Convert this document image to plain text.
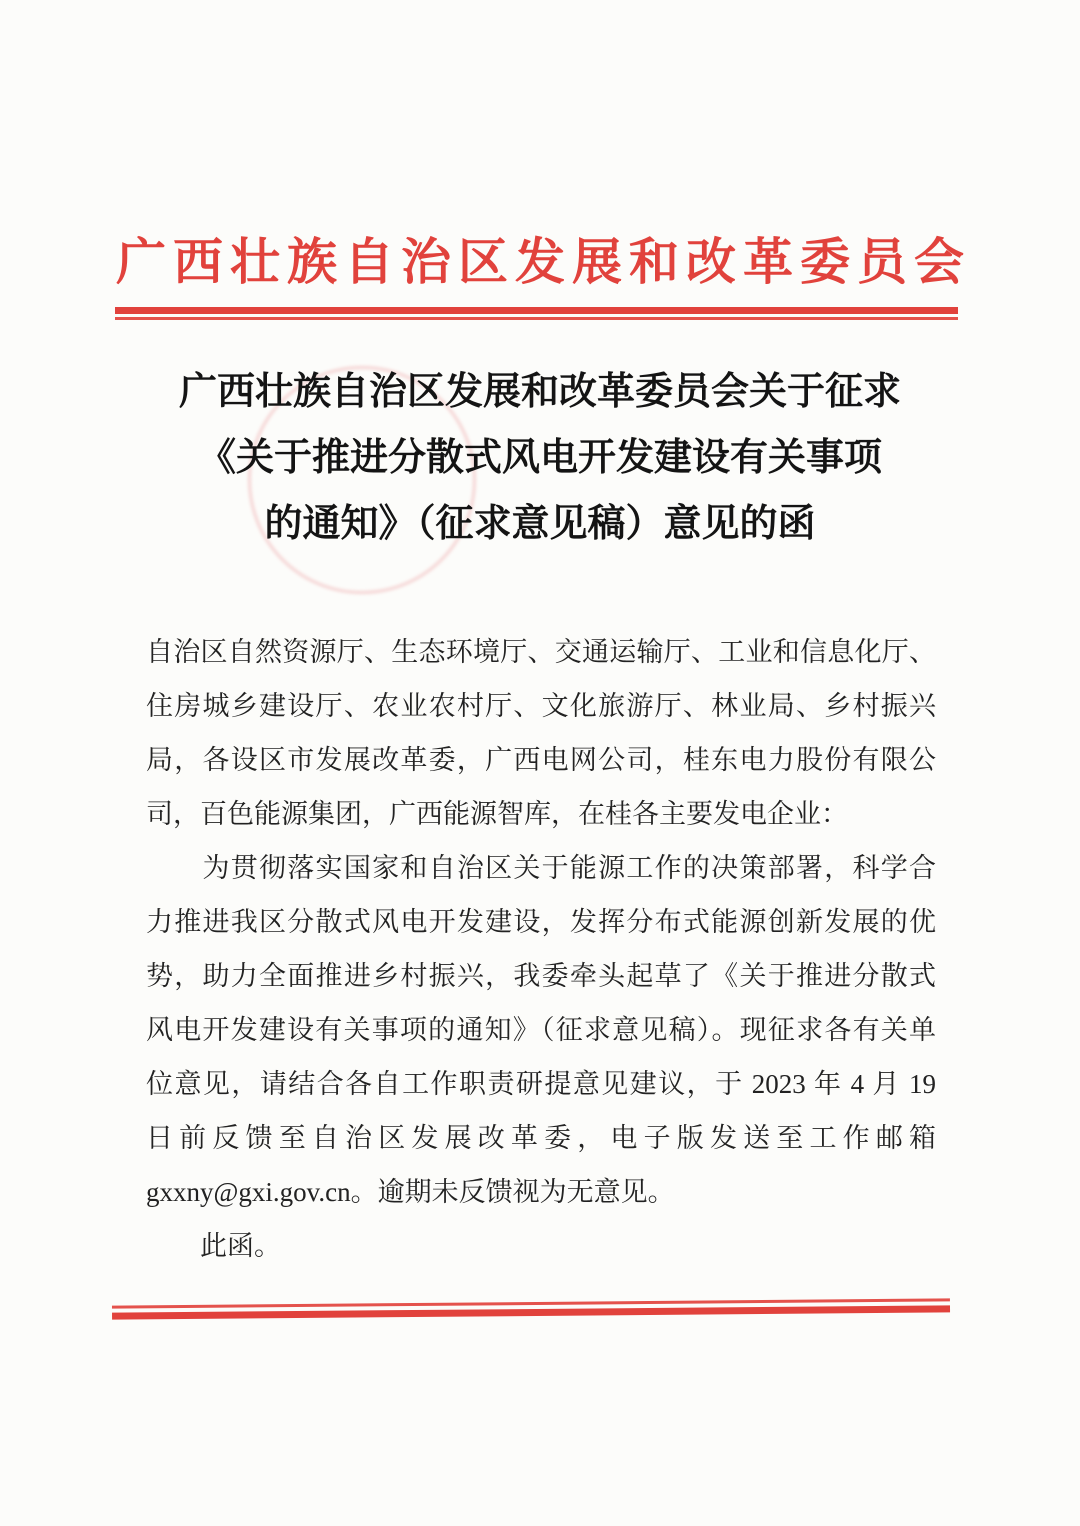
广西壮族自治区发展和改革委员会
广西壮族自治区发展和改革委员会关于征求
《关于推进分散式风电开发建设有关事项
的通知》（征求意见稿）意见的函
自治区自然资源厅、生态环境厅、交通运输厅、工业和信息化厅、
住房城乡建设厅、农业农村厅、文化旅游厅、林业局、乡村振兴
局，各设区市发展改革委，广西电网公司，桂东电力股份有限公
司，百色能源集团，广西能源智库，在桂各主要发电企业：
　　为贯彻落实国家和自治区关于能源工作的决策部署，科学合
力推进我区分散式风电开发建设，发挥分布式能源创新发展的优
势，助力全面推进乡村振兴，我委牵头起草了《关于推进分散式
风电开发建设有关事项的通知》（征求意见稿）。现征求各有关单
位意见，请结合各自工作职责研提意见建议，于 2023 年 4 月 19
日前反馈至自治区发展改革委，电子版发送至工作邮箱
gxxny@gxi.gov.cn。逾期未反馈视为无意见。
　　此函。
